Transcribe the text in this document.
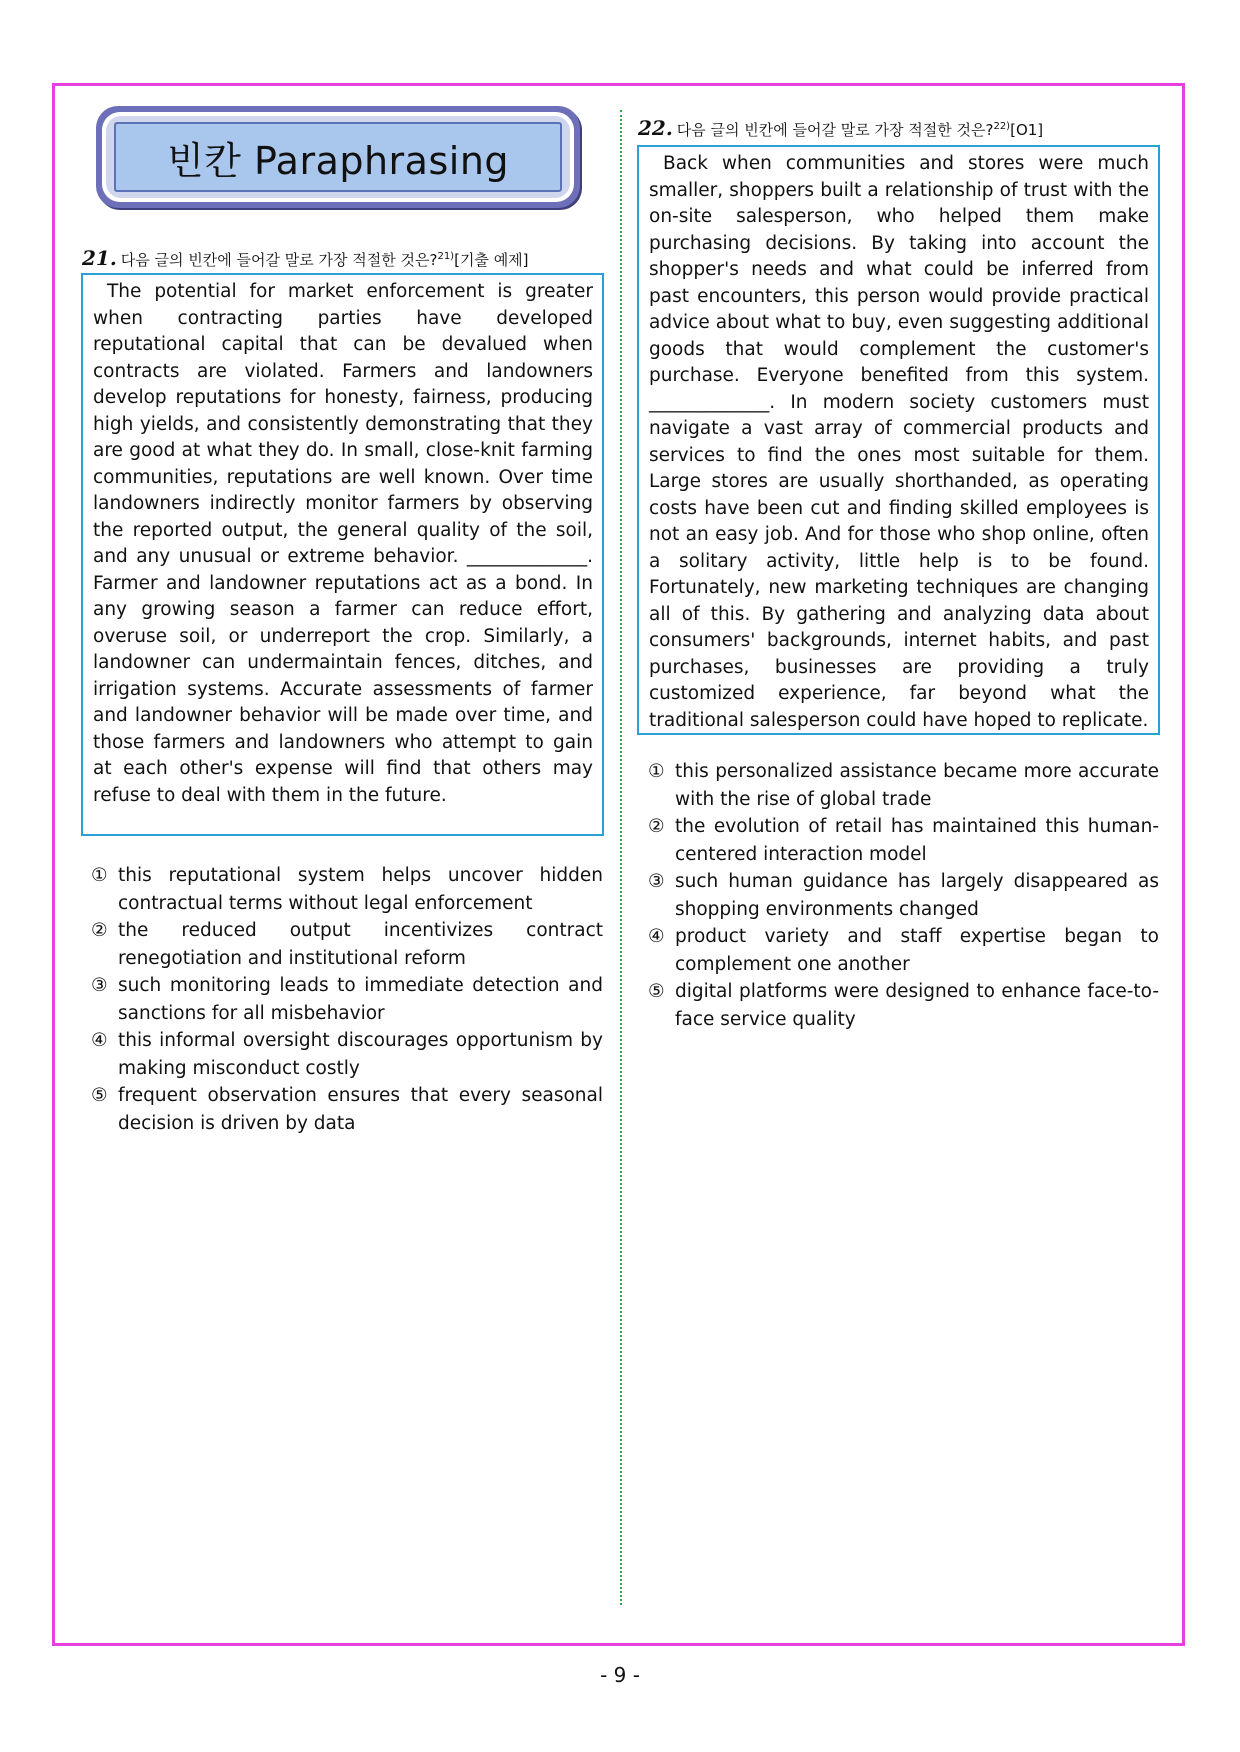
빈칸 Paraphrasing
21. 다음 글의 빈칸에 들어갈 말로 가장 적절한 것은?$^{21)}$[기출 예제]
The potential for market enforcement is greater when contracting parties have developed reputational capital that can be devalued when contracts are violated. Farmers and landowners develop reputations for honesty, fairness, producing high yields, and consistently demonstrating that they are good at what they do. In small, close-knit farming communities, reputations are well known. Over time landowners indirectly monitor farmers by observing the reported output, the general quality of the soil, and any unusual or extreme behavior. _____________. Farmer and landowner reputations act as a bond. In any growing season a farmer can reduce effort, overuse soil, or underreport the crop. Similarly, a landowner can undermaintain fences, ditches, and irrigation systems. Accurate assessments of farmer and landowner behavior will be made over time, and those farmers and landowners who attempt to gain at each other's expense will find that others may refuse to deal with them in the future.
① this reputational system helps uncover hidden contractual terms without legal enforcement
② the reduced output incentivizes contract renegotiation and institutional reform
③ such monitoring leads to immediate detection and sanctions for all misbehavior
④ this informal oversight discourages opportunism by making misconduct costly
⑤ frequent observation ensures that every seasonal decision is driven by data
22. 다음 글의 빈칸에 들어갈 말로 가장 적절한 것은?$^{22)}$[O1]
Back when communities and stores were much smaller, shoppers built a relationship of trust with the on-site salesperson, who helped them make purchasing decisions. By taking into account the shopper's needs and what could be inferred from past encounters, this person would provide practical advice about what to buy, even suggesting additional goods that would complement the customer's purchase. Everyone benefited from this system. _____________. In modern society customers must navigate a vast array of commercial products and services to find the ones most suitable for them. Large stores are usually shorthanded, as operating costs have been cut and finding skilled employees is not an easy job. And for those who shop online, often a solitary activity, little help is to be found. Fortunately, new marketing techniques are changing all of this. By gathering and analyzing data about consumers' backgrounds, internet habits, and past purchases, businesses are providing a truly customized experience, far beyond what the traditional salesperson could have hoped to replicate.
① this personalized assistance became more accurate with the rise of global trade
② the evolution of retail has maintained this human-centered interaction model
③ such human guidance has largely disappeared as shopping environments changed
④ product variety and staff expertise began to complement one another
⑤ digital platforms were designed to enhance face-to-face service quality
- 9 -
